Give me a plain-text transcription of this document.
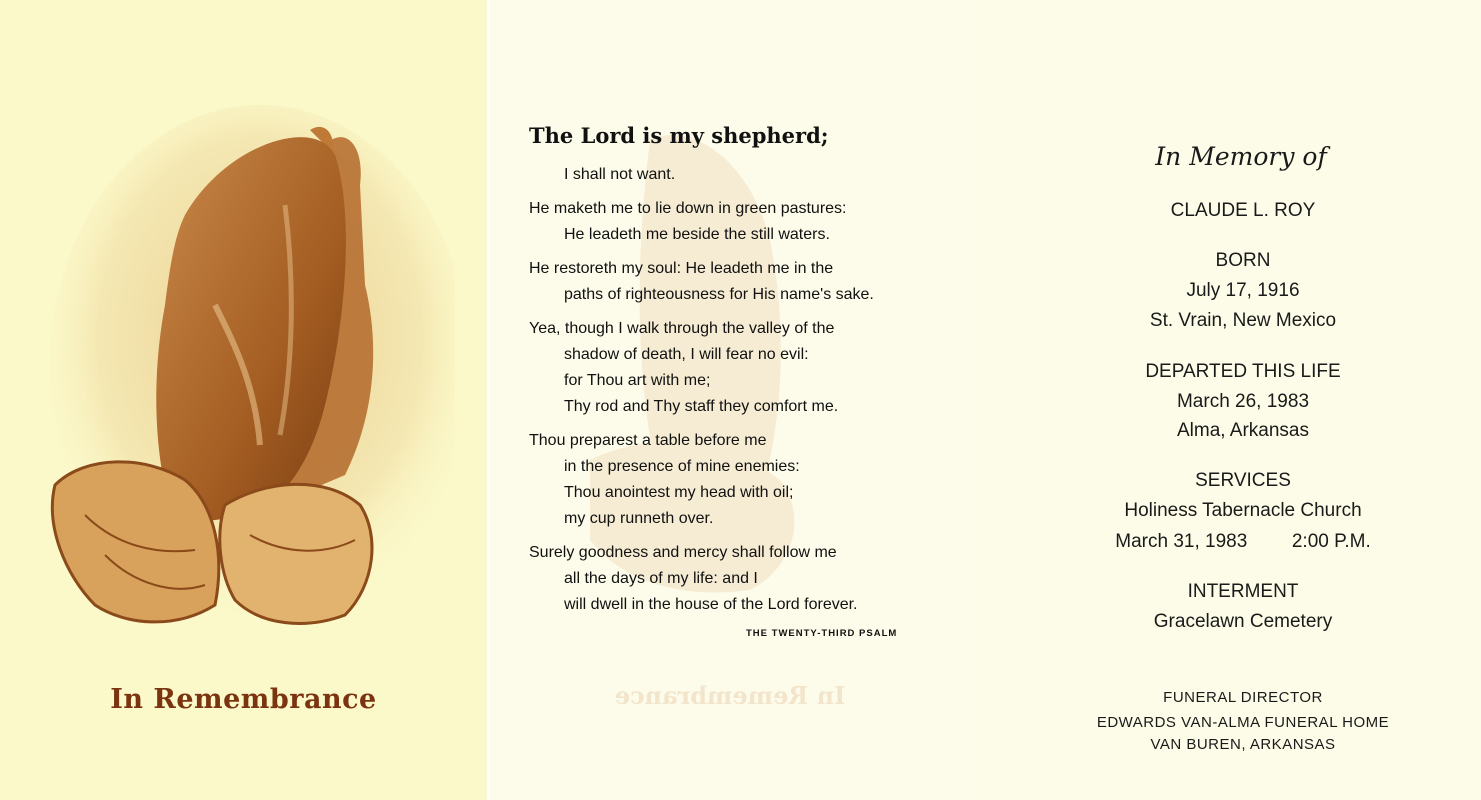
In Remembrance	In Remembrance
The Lord is my shepherd;
I shall not want.
He maketh me to lie down in green pastures:
He leadeth me beside the still waters.
He restoreth my soul: He leadeth me in the
paths of righteousness for His name's sake.
Yea, though I walk through the valley of the
shadow of death, I will fear no evil:
for Thou art with me;
Thy rod and Thy staff they comfort me.
Thou preparest a table before me
in the presence of mine enemies:
Thou anointest my head with oil;
my cup runneth over.
Surely goodness and mercy shall follow me
all the days of my life: and I
will dwell in the house of the Lord forever.
THE TWENTY-THIRD PSALM
In Memory of
CLAUDE L. ROY
BORN
July 17, 1916
St. Vrain, New Mexico
DEPARTED THIS LIFE
March 26, 1983
Alma, Arkansas
SERVICES
Holiness Tabernacle Church
March 31, 1983 2:00 P.M.
INTERMENT
Gracelawn Cemetery
FUNERAL DIRECTOR
EDWARDS VAN-ALMA FUNERAL HOME
VAN BUREN, ARKANSAS
